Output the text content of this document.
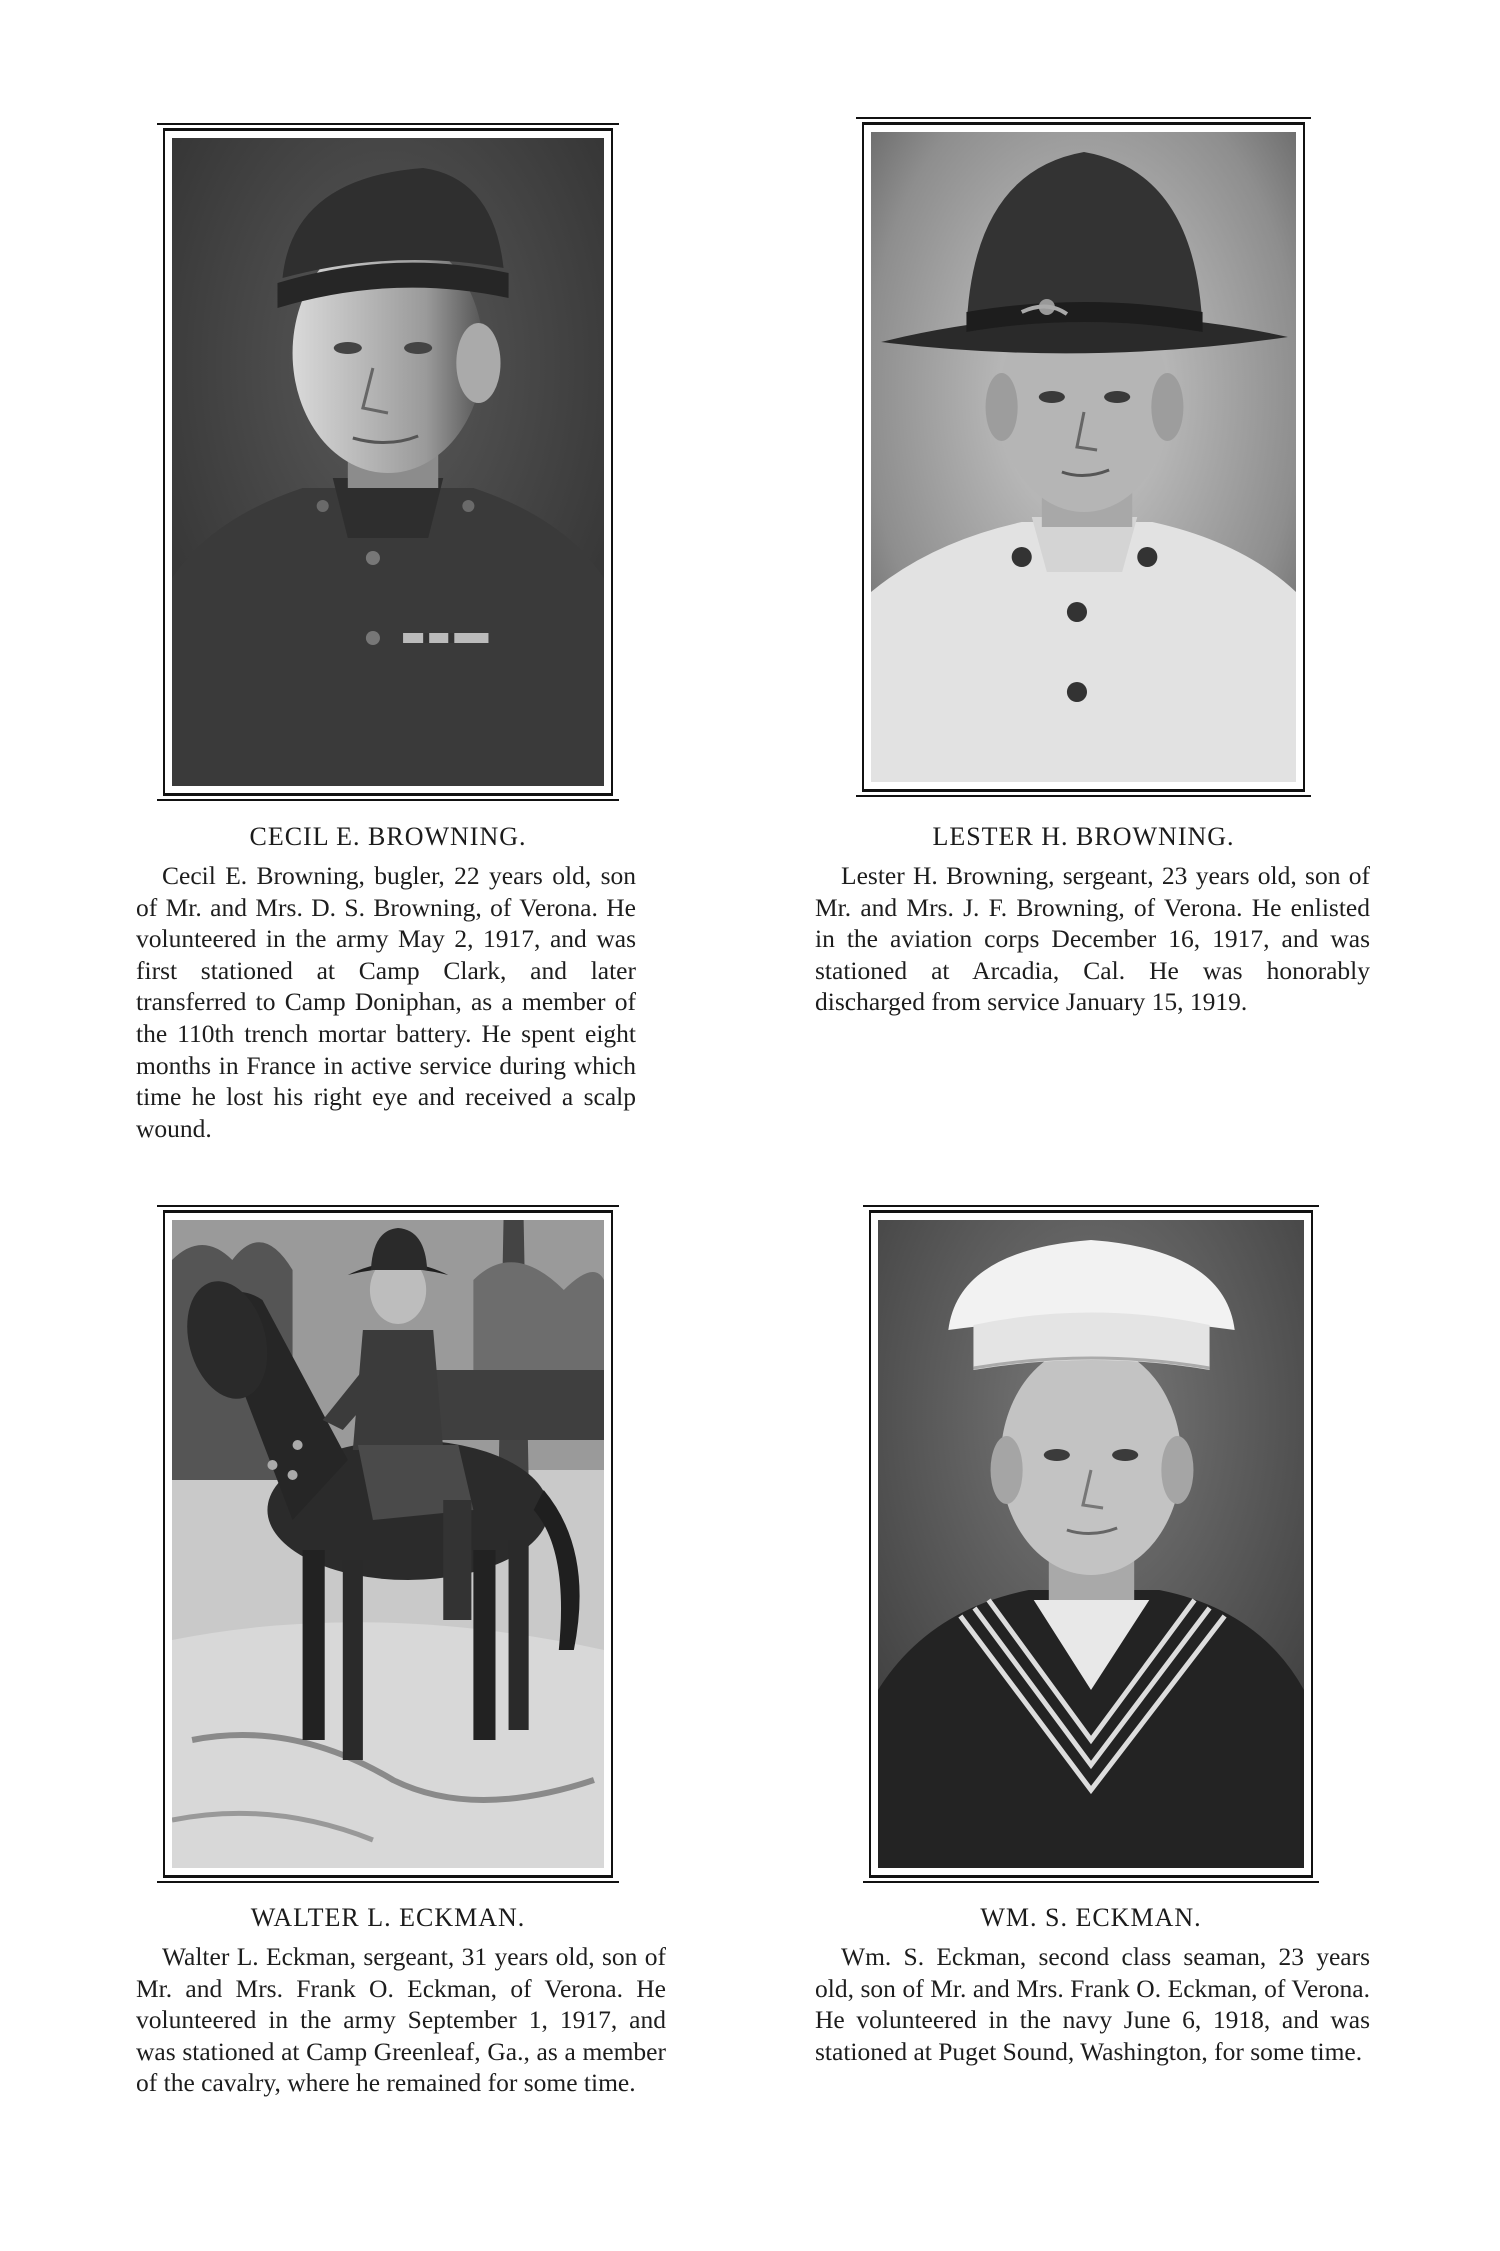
CECIL E. BROWNING.

Cecil E. Browning, bugler, 22 years old, son of Mr. and Mrs. D. S. Browning, of Verona. He volunteered in the army May 2, 1917, and was first stationed at Camp Clark, and later transferred to Camp Doniphan, as a member of the 110th trench mortar battery. He spent eight months in France in active service during which time he lost his right eye and received a scalp wound.

LESTER H. BROWNING.

Lester H. Browning, sergeant, 23 years old, son of Mr. and Mrs. J. F. Browning, of Verona. He enlisted in the aviation corps December 16, 1917, and was stationed at Arcadia, Cal. He was honorably discharged from service January 15, 1919.

WALTER L. ECKMAN.

Walter L. Eckman, sergeant, 31 years old, son of Mr. and Mrs. Frank O. Eckman, of Verona. He volunteered in the army September 1, 1917, and was stationed at Camp Greenleaf, Ga., as a member of the cavalry, where he remained for some time.

WM. S. ECKMAN.

Wm. S. Eckman, second class seaman, 23 years old, son of Mr. and Mrs. Frank O. Eckman, of Verona. He volunteered in the navy June 6, 1918, and was stationed at Puget Sound, Washington, for some time.
